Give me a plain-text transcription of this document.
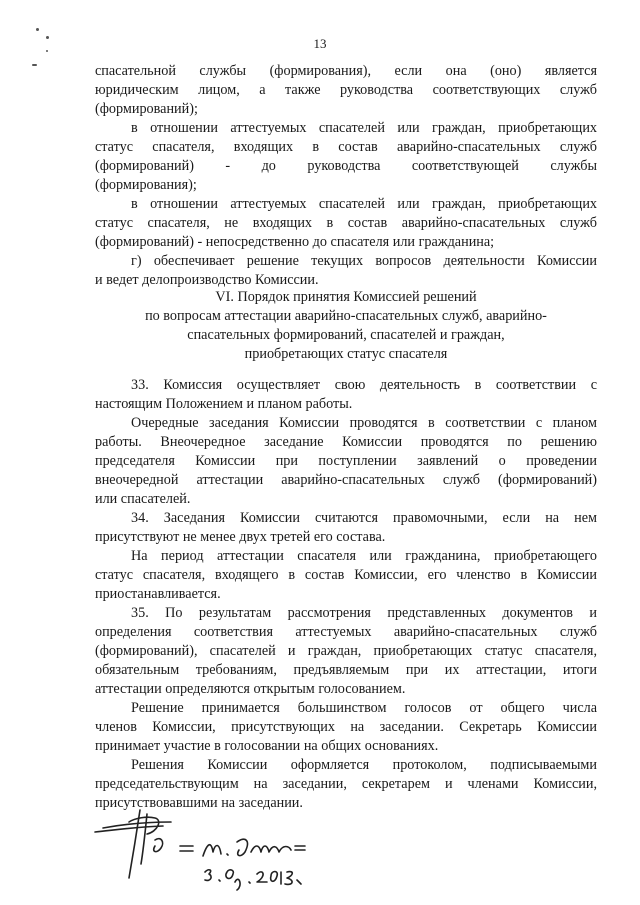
13
спасательной службы (формирования), если она (оно) является
юридическим лицом, а также руководства соответствующих служб
(формирований);
в отношении аттестуемых спасателей или граждан, приобретающих
статус спасателя, входящих в состав аварийно-спасательных служб
(формирований) - до руководства соответствующей службы
(формирования);
в отношении аттестуемых спасателей или граждан, приобретающих
статус спасателя, не входящих в состав аварийно-спасательных служб
(формирований) - непосредственно до спасателя или гражданина;
г) обеспечивает решение текущих вопросов деятельности Комиссии
и ведет делопроизводство Комиссии.
VI. Порядок принятия Комиссией решений
по вопросам аттестации аварийно-спасательных служб, аварийно-
спасательных формирований, спасателей и граждан,
приобретающих статус спасателя
33. Комиссия осуществляет свою деятельность в соответствии с
настоящим Положением и планом работы.
Очередные заседания Комиссии проводятся в соответствии с планом
работы. Внеочередное заседание Комиссии проводятся по решению
председателя Комиссии при поступлении заявлений о проведении
внеочередной аттестации аварийно-спасательных служб (формирований)
или спасателей.
34. Заседания Комиссии считаются правомочными, если на нем
присутствуют не менее двух третей его состава.
На период аттестации спасателя или гражданина, приобретающего
статус спасателя, входящего в состав Комиссии, его членство в Комиссии
приостанавливается.
35. По результатам рассмотрения представленных документов и
определения соответствия аттестуемых аварийно-спасательных служб
(формирований), спасателей и граждан, приобретающих статус спасателя,
обязательным требованиям, предъявляемым при их аттестации, итоги
аттестации определяются открытым голосованием.
Решение принимается большинством голосов от общего числа
членов Комиссии, присутствующих на заседании. Секретарь Комиссии
принимает участие в голосовании на общих основаниях.
Решения Комиссии оформляется протоколом, подписываемыми
председательствующим на заседании, секретарем и членами Комиссии,
присутствовавшими на заседании.
